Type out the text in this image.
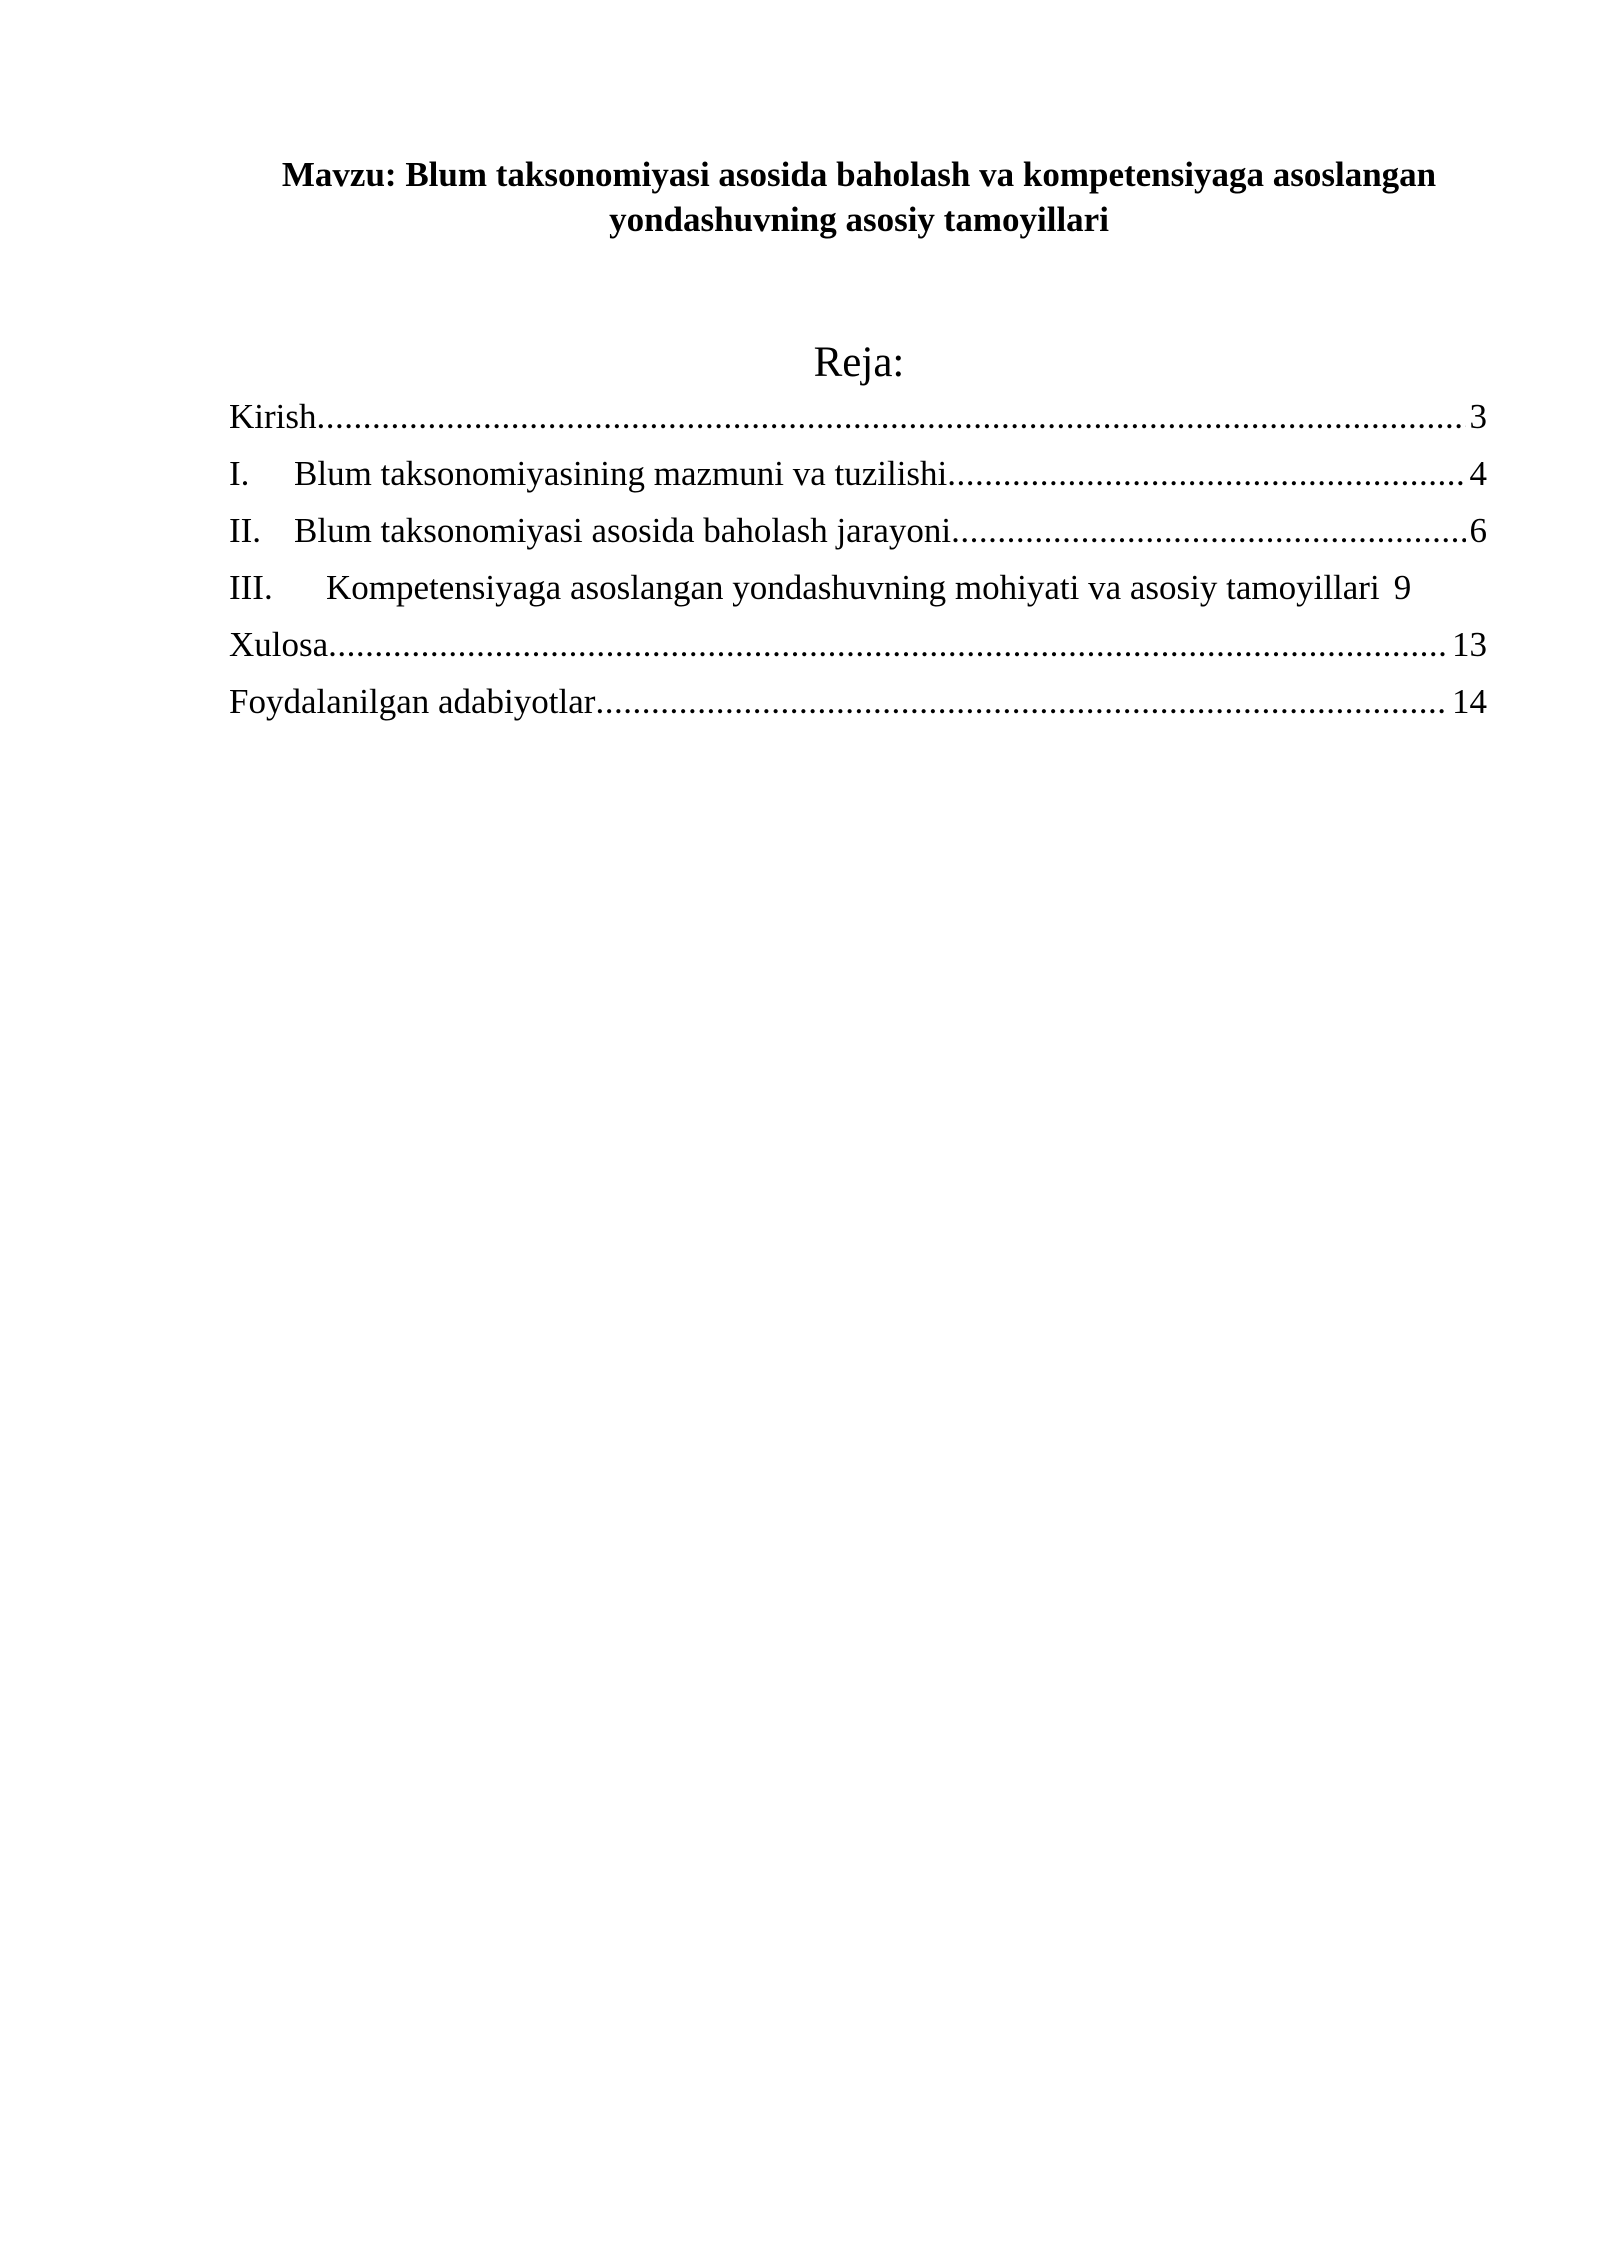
Mavzu: Blum taksonomiyasi asosida baholash va kompetensiyaga asoslangan
yondashuvning asosiy tamoyillari
Reja:
Kirish .....	3
I.	Blum taksonomiyasining mazmuni va tuzilishi .....	4
II. Blum taksonomiyasi asosida baholash jarayoni .....	6
III.	Kompetensiyaga asoslangan yondashuvning mohiyati va asosiy tamoyillari 9
Xulosa .....	13
Foydalanilgan adabiyotlar .....	14
